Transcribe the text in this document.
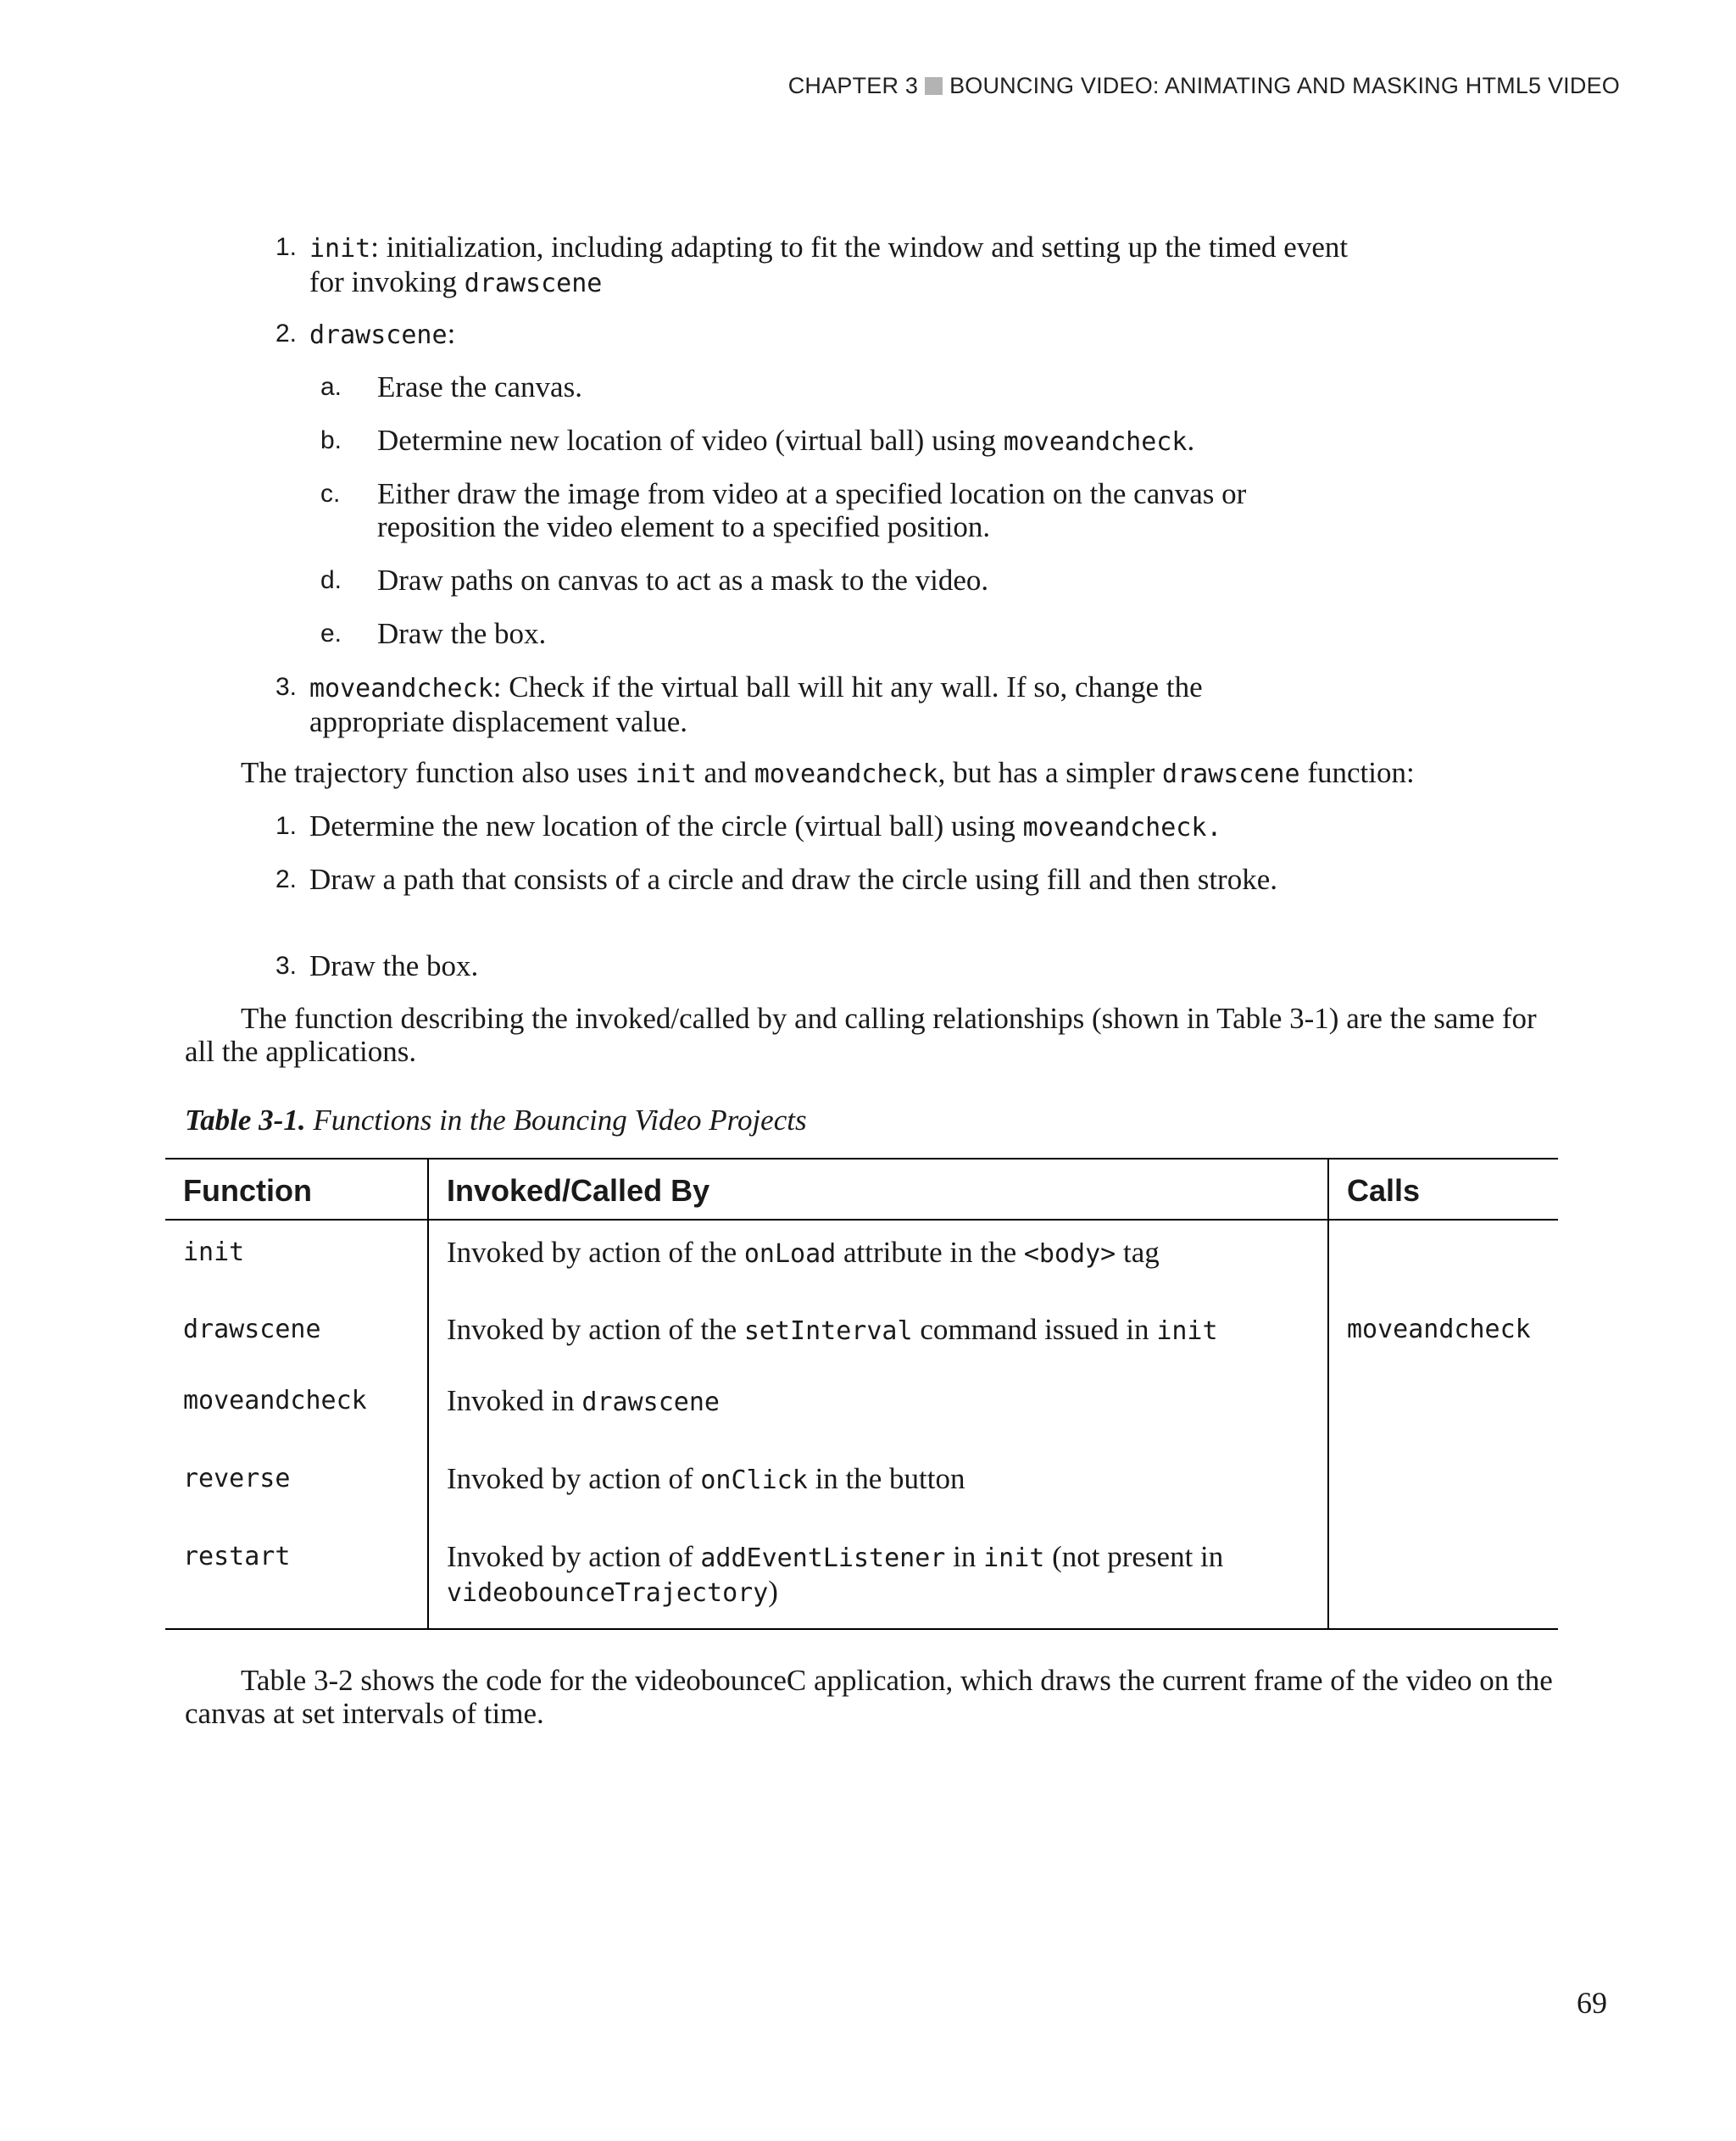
CHAPTER 3 BOUNCING VIDEO: ANIMATING AND MASKING HTML5 VIDEO
1. init: initialization, including adapting to fit the window and setting up the timed event for invoking drawscene
2. drawscene:
a.	Erase the canvas.
b.	Determine new location of video (virtual ball) using moveandcheck.
c.	Either draw the image from video at a specified location on the canvas or reposition the video element to a specified position.
d.	Draw paths on canvas to act as a mask to the video.
e.	Draw the box.
3. moveandcheck: Check if the virtual ball will hit any wall. If so, change the appropriate displacement value.
The trajectory function also uses init and moveandcheck, but has a simpler drawscene function:
1. Determine the new location of the circle (virtual ball) using moveandcheck.
2. Draw a path that consists of a circle and draw the circle using fill and then stroke.
3. Draw the box.
The function describing the invoked/called by and calling relationships (shown in Table 3-1) are the same for all the applications.
Table 3-1. Functions in the Bouncing Video Projects
Function	Invoked/Called By	Calls
init	Invoked by action of the onLoad attribute in the <body> tag	
drawscene	Invoked by action of the setInterval command issued in init	moveandcheck
moveandcheck	Invoked in drawscene	
reverse	Invoked by action of onClick in the button	
restart	Invoked by action of addEventListener in init (not present in videobounceTrajectory)	
Table 3-2 shows the code for the videobounceC application, which draws the current frame of the video on the canvas at set intervals of time.
69
